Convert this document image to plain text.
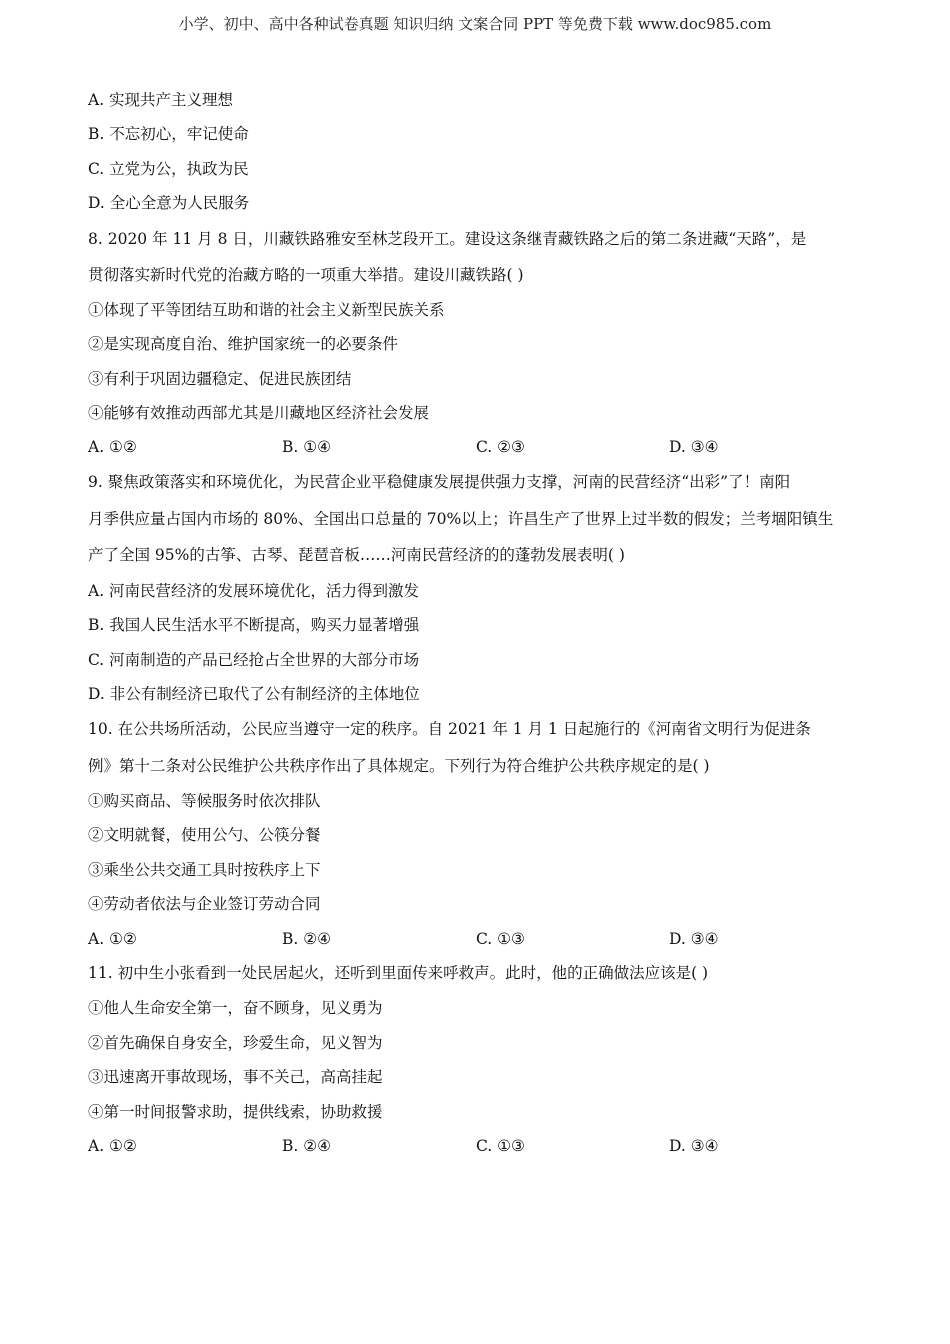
小学、初中、高中各种试卷真题 知识归纳 文案合同 PPT 等免费下载 www.doc985.com
A. 实现共产主义理想
B. 不忘初心，牢记使命
C. 立党为公，执政为民
D. 全心全意为人民服务
8. 2020 年 11 月 8 日，川藏铁路雅安至林芝段开工。建设这条继青藏铁路之后的第二条进藏“天路”，是
贯彻落实新时代党的治藏方略的一项重大举措。建设川藏铁路( )
①体现了平等团结互助和谐的社会主义新型民族关系
②是实现高度自治、维护国家统一的必要条件
③有利于巩固边疆稳定、促进民族团结
④能够有效推动西部尤其是川藏地区经济社会发展
A. ①②	B. ①④	C. ②③	D. ③④
9. 聚焦政策落实和环境优化，为民营企业平稳健康发展提供强力支撑，河南的民营经济“出彩”了！南阳
月季供应量占国内市场的 80%、全国出口总量的 70%以上；许昌生产了世界上过半数的假发；兰考堌阳镇生
产了全国 95%的古筝、古琴、琵琶音板……河南民营经济的的蓬勃发展表明( )
A. 河南民营经济的发展环境优化，活力得到激发
B. 我国人民生活水平不断提高，购买力显著增强
C. 河南制造的产品已经抢占全世界的大部分市场
D. 非公有制经济已取代了公有制经济的主体地位
10. 在公共场所活动，公民应当遵守一定的秩序。自 2021 年 1 月 1 日起施行的《河南省文明行为促进条
例》第十二条对公民维护公共秩序作出了具体规定。下列行为符合维护公共秩序规定的是( )
①购买商品、等候服务时依次排队
②文明就餐，使用公勺、公筷分餐
③乘坐公共交通工具时按秩序上下
④劳动者依法与企业签订劳动合同
A. ①②	B. ②④	C. ①③	D. ③④
11. 初中生小张看到一处民居起火，还听到里面传来呼救声。此时，他的正确做法应该是( )
①他人生命安全第一，奋不顾身，见义勇为
②首先确保自身安全，珍爱生命，见义智为
③迅速离开事故现场，事不关己，高高挂起
④第一时间报警求助，提供线索，协助救援
A. ①②	B. ②④	C. ①③	D. ③④
